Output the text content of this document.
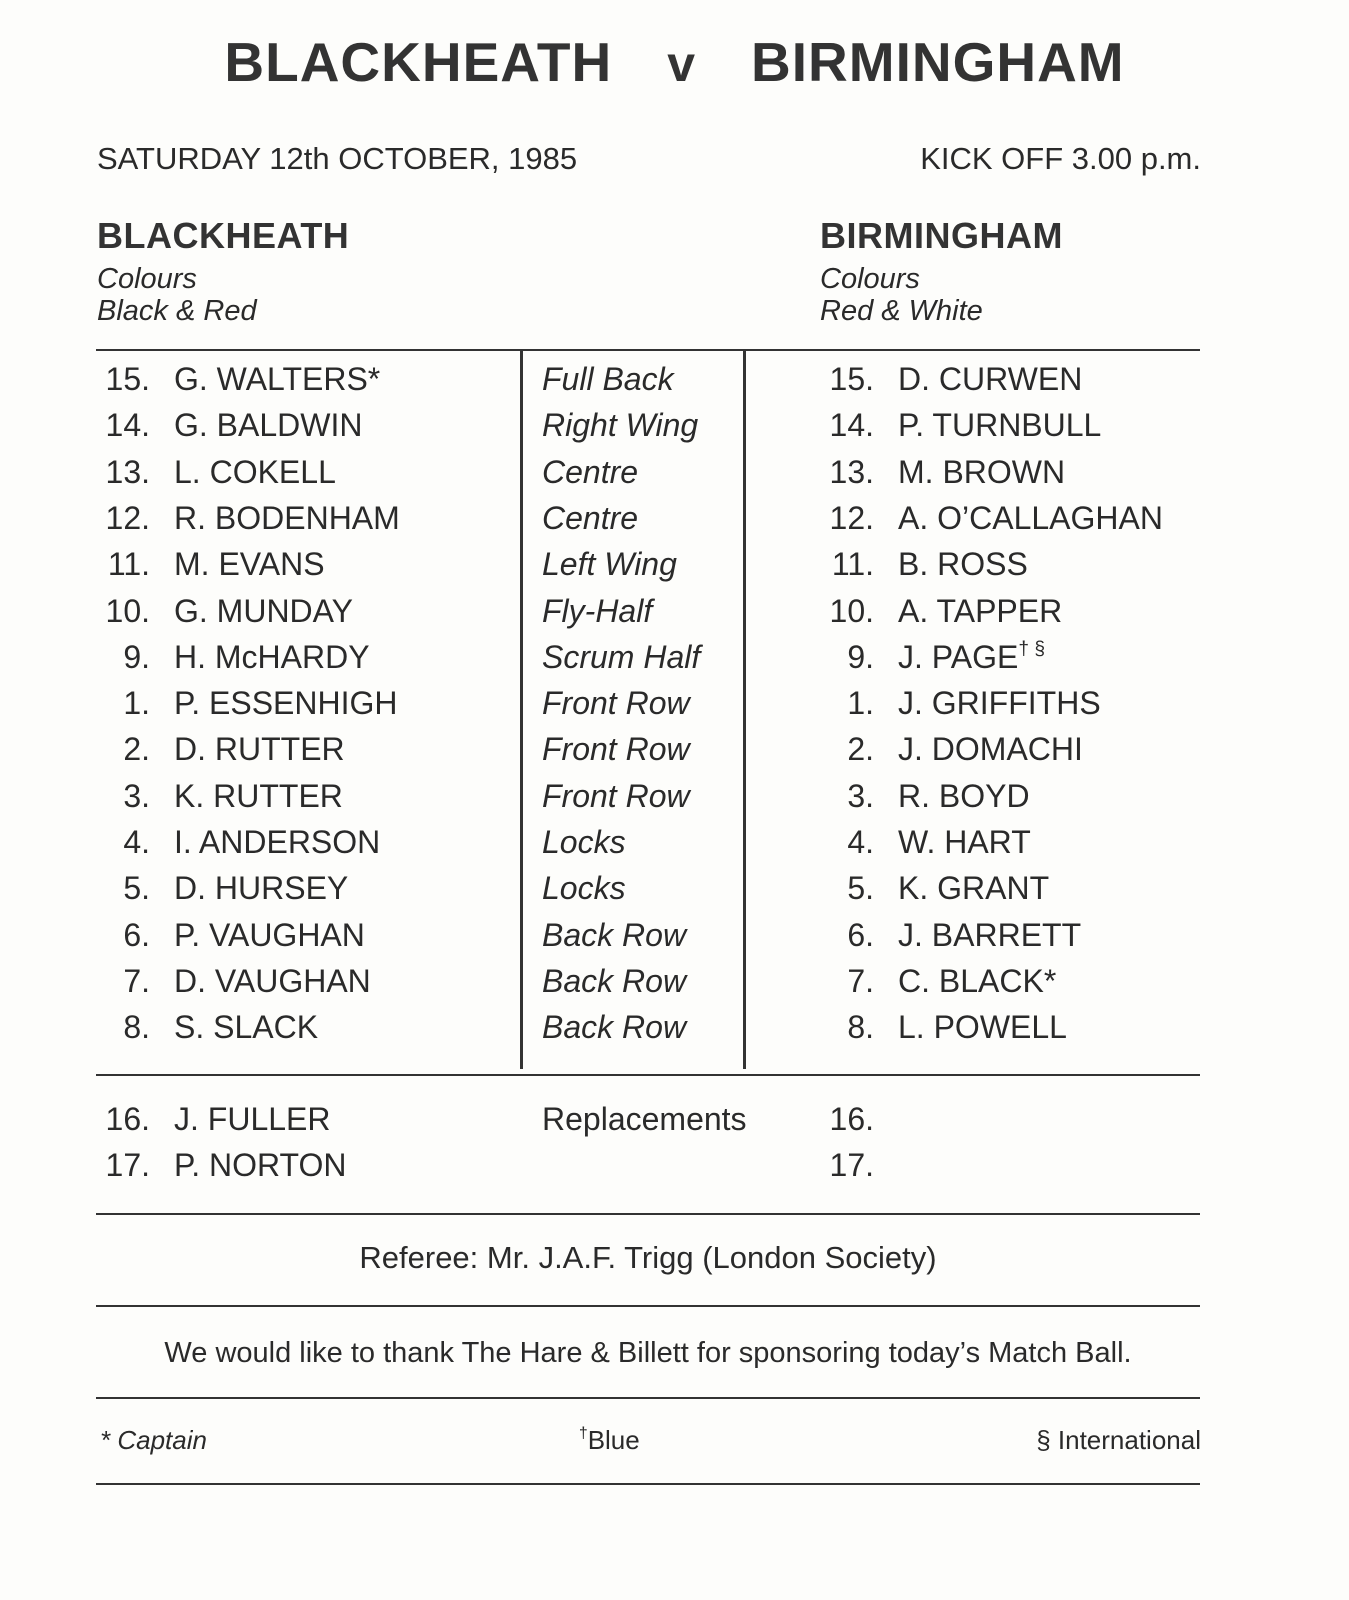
BLACKHEATH v BIRMINGHAM
SATURDAY 12th OCTOBER, 1985	KICK OFF 3.00 p.m.
BLACKHEATH
Colours
Black & Red
BIRMINGHAM
Colours
Red & White
15. G. WALTERS*	Full Back	15. D. CURWEN
14. G. BALDWIN	Right Wing	14. P. TURNBULL
13. L. COKELL	Centre	13. M. BROWN
12. R. BODENHAM	Centre	12. A. O’CALLAGHAN
11. M. EVANS	Left Wing	11. B. ROSS
10. G. MUNDAY	Fly-Half	10. A. TAPPER
9. H. McHARDY	Scrum Half	9. J. PAGE† §
1. P. ESSENHIGH	Front Row	1. J. GRIFFITHS
2. D. RUTTER	Front Row	2. J. DOMACHI
3. K. RUTTER	Front Row	3. R. BOYD
4. I. ANDERSON	Locks	4. W. HART
5. D. HURSEY	Locks	5. K. GRANT
6. P. VAUGHAN	Back Row	6. J. BARRETT
7. D. VAUGHAN	Back Row	7. C. BLACK*
8. S. SLACK	Back Row	8. L. POWELL
Replacements
16. J. FULLER	16.
17. P. NORTON	17.
Referee: Mr. J.A.F. Trigg (London Society)
We would like to thank The Hare & Billett for sponsoring today’s Match Ball.
* Captain	†Blue	§ International
